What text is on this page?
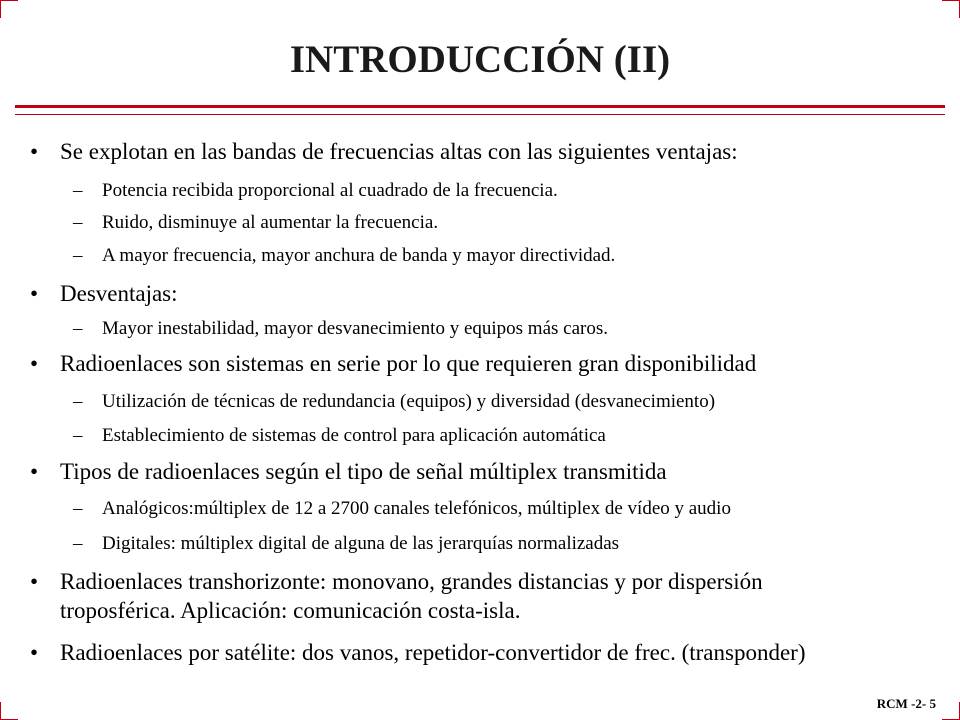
INTRODUCCIÓN (II)
• Se explotan en las bandas de frecuencias altas con las siguientes ventajas:
– Potencia recibida proporcional al cuadrado de la frecuencia.
– Ruido, disminuye al aumentar la frecuencia.
– A mayor frecuencia, mayor anchura de banda y mayor directividad.
• Desventajas:
– Mayor inestabilidad, mayor desvanecimiento y equipos más caros.
• Radioenlaces son sistemas en serie por lo que requieren gran disponibilidad
– Utilización de técnicas de redundancia (equipos) y diversidad (desvanecimiento)
– Establecimiento de sistemas de control para aplicación automática
• Tipos de radioenlaces según el tipo de señal múltiplex transmitida
– Analógicos:múltiplex de 12 a 2700 canales telefónicos, múltiplex de vídeo y audio
– Digitales: múltiplex digital de alguna de las jerarquías normalizadas
• Radioenlaces transhorizonte: monovano, grandes distancias y por dispersión
troposférica. Aplicación: comunicación costa-isla.
• Radioenlaces por satélite: dos vanos, repetidor-convertidor de frec. (transponder)
RCM -2- 5
